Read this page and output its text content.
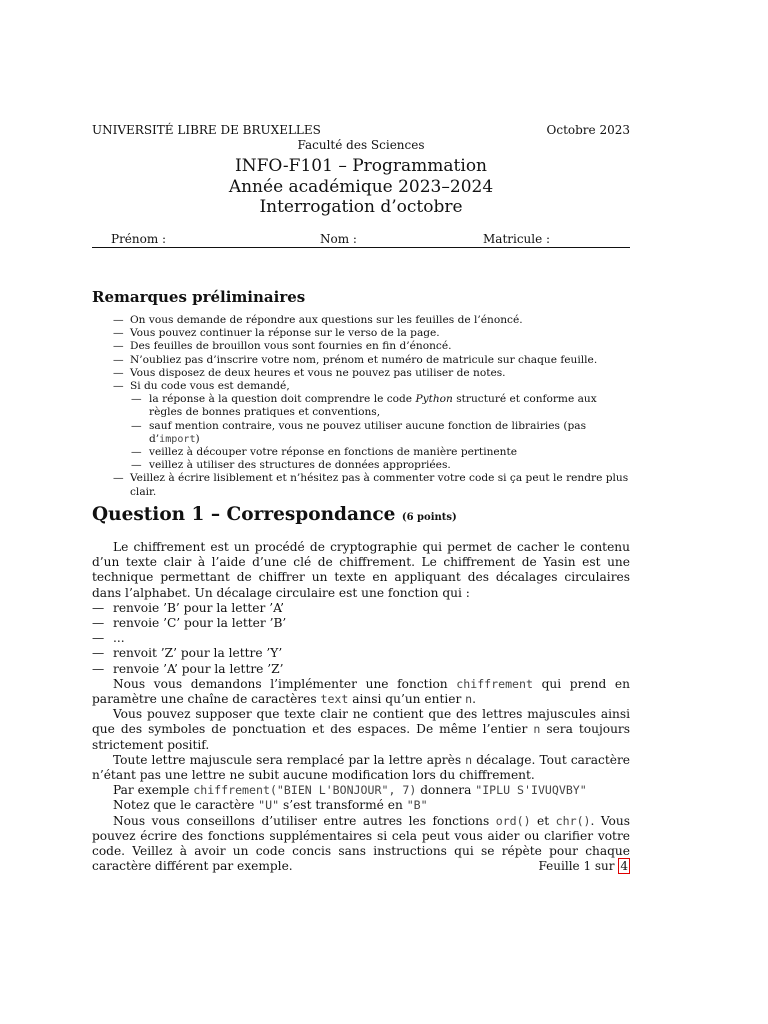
UNIVERSITÉ LIBRE DE BRUXELLES	Octobre 2023
Faculté des Sciences
INFO-F101 – Programmation
Année académique 2023–2024
Interrogation d’octobre
Prénom :	Nom :	Matricule :
Remarques préliminaires
— On vous demande de répondre aux questions sur les feuilles de l’énoncé.
— Vous pouvez continuer la réponse sur le verso de la page.
— Des feuilles de brouillon vous sont fournies en fin d’énoncé.
— N’oubliez pas d’inscrire votre nom, prénom et numéro de matricule sur chaque feuille.
— Vous disposez de deux heures et vous ne pouvez pas utiliser de notes.
— Si du code vous est demandé,
— la réponse à la question doit comprendre le code Python structuré et conforme aux règles de bonnes pratiques et conventions,
— sauf mention contraire, vous ne pouvez utiliser aucune fonction de librairies (pas d’import)
— veillez à découper votre réponse en fonctions de manière pertinente
— veillez à utiliser des structures de données appropriées.
— Veillez à écrire lisiblement et n’hésitez pas à commenter votre code si ça peut le rendre plus clair.
Question 1 – Correspondance (6 points)

Le chiffrement est un procédé de cryptographie qui permet de cacher le contenu d’un texte clair à l’aide d’une clé de chiffrement. Le chiffrement de Yasin est une technique permettant de chiffrer un texte en appliquant des décalages circulaires dans l’alphabet. Un décalage circulaire est une fonction qui :

— renvoie ’B’ pour la letter ’A’
— renvoie ’C’ pour la letter ’B’
— ...
— renvoit ’Z’ pour la lettre ’Y’
— renvoie ’A’ pour la lettre ’Z’

Nous vous demandons l’implémenter une fonction chiffrement qui prend en paramètre une chaîne de caractères text ainsi qu’un entier n.

Vous pouvez supposer que texte clair ne contient que des lettres majuscules ainsi que des symboles de ponctuation et des espaces. De même l’entier n sera toujours strictement positif.

Toute lettre majuscule sera remplacé par la lettre après n décalage. Tout caractère n’étant pas une lettre ne subit aucune modification lors du chiffrement.

Par exemple chiffrement("BIEN L'BONJOUR", 7) donnera "IPLU S'IVUQVBY"

Notez que le caractère "U" s’est transformé en "B"

Nous vous conseillons d’utiliser entre autres les fonctions ord() et chr(). Vous pouvez écrire des fonctions supplémentaires si cela peut vous aider ou clarifier votre code. Veillez à avoir un code concis sans instructions qui se répète pour chaque caractère différent par exemple.	Feuille 1 sur 4
